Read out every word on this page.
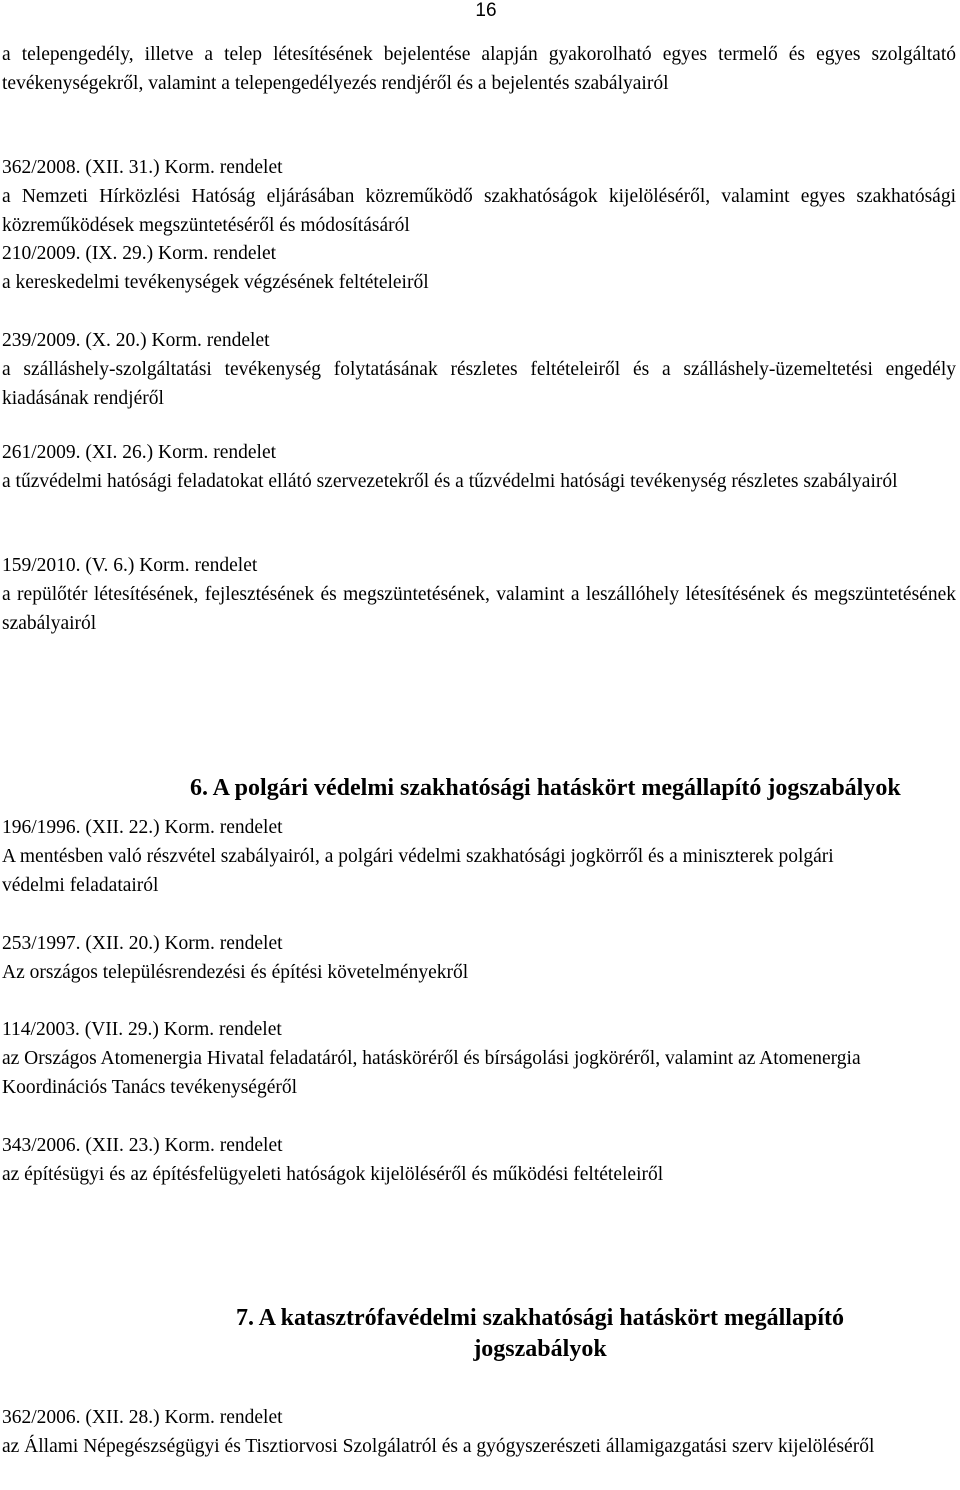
16

a telepengedély, illetve a telep létesítésének bejelentése alapján gyakorolható egyes termelő és egyes szolgáltató tevékenységekről, valamint a telepengedélyezés rendjéről és a bejelentés szabályairól

362/2008. (XII. 31.) Korm. rendelet

a Nemzeti Hírközlési Hatóság eljárásában közreműködő szakhatóságok kijelöléséről, valamint egyes szakhatósági közreműködések megszüntetéséről és módosításáról

210/2009. (IX. 29.) Korm. rendelet

a kereskedelmi tevékenységek végzésének feltételeiről

239/2009. (X. 20.) Korm. rendelet

a szálláshely-szolgáltatási tevékenység folytatásának részletes feltételeiről és a szálláshely-üzemeltetési engedély kiadásának rendjéről

261/2009. (XI. 26.) Korm. rendelet

a tűzvédelmi hatósági feladatokat ellátó szervezetekről és a tűzvédelmi hatósági tevékenység részletes szabályairól

159/2010. (V. 6.) Korm. rendelet

a repülőtér létesítésének, fejlesztésének és megszüntetésének, valamint a leszállóhely létesítésének és megszüntetésének szabályairól

6. A polgári védelmi szakhatósági hatáskört megállapító jogszabályok

196/1996. (XII. 22.) Korm. rendelet

A mentésben való részvétel szabályairól, a polgári védelmi szakhatósági jogkörről és a miniszterek polgári védelmi feladatairól

253/1997. (XII. 20.) Korm. rendelet

Az országos településrendezési és építési követelményekről

114/2003. (VII. 29.) Korm. rendelet

az Országos Atomenergia Hivatal feladatáról, hatásköréről és bírságolási jogköréről, valamint az Atomenergia Koordinációs Tanács tevékenységéről

343/2006. (XII. 23.) Korm. rendelet

az építésügyi és az építésfelügyeleti hatóságok kijelöléséről és működési feltételeiről

7. A katasztrófavédelmi szakhatósági hatáskört megállapító
jogszabályok

362/2006. (XII. 28.) Korm. rendelet

az Állami Népegészségügyi és Tisztiorvosi Szolgálatról és a gyógyszerészeti államigazgatási szerv kijelöléséről
